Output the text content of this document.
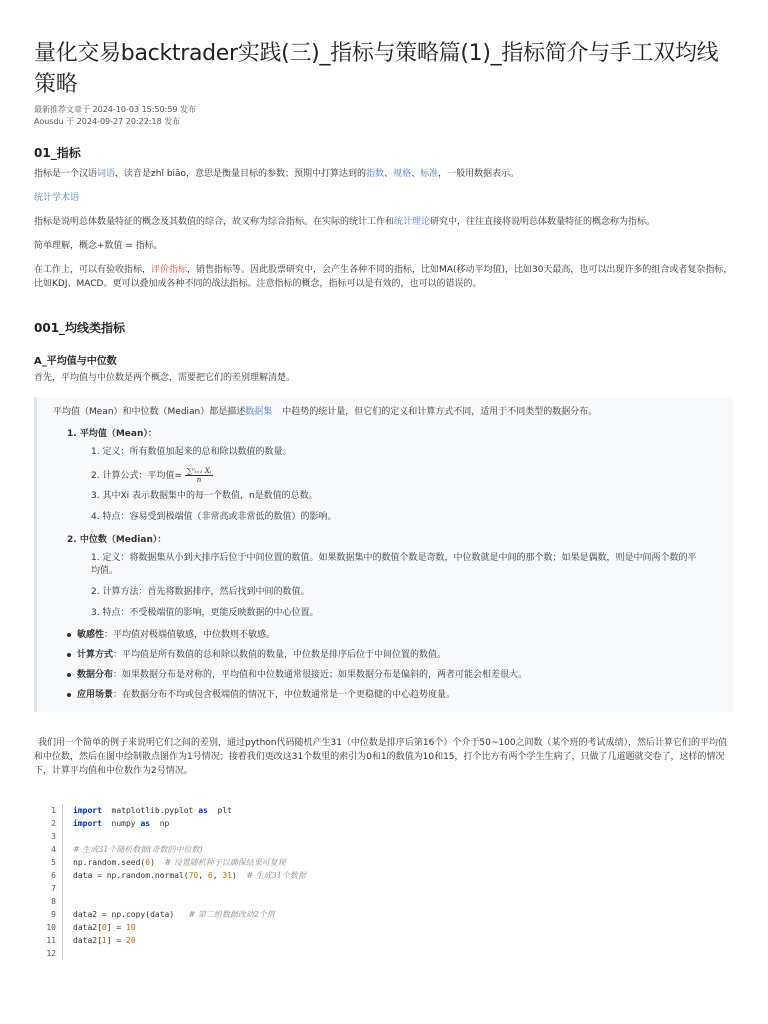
量化交易backtrader实践(三)_指标与策略篇(1)_指标简介与手工双均线策略
最新推荐文章于 2024-10-03 15:50:59 发布
Aousdu 于 2024-09-27 20:22:18 发布
01_指标

指标是一个汉语词语，读音是zhǐ biāo，意思是衡量目标的参数；预期中打算达到的指数、规格、标准，一般用数据表示。

统计学术语

指标是说明总体数量特征的概念及其数值的综合，故又称为综合指标。在实际的统计工作和统计理论研究中，往往直接将说明总体数量特征的概念称为指标。

简单理解，概念+数值 = 指标。

在工作上，可以有验收指标，评价指标，销售指标等。因此股票研究中，会产生各种不同的指标，比如MA(移动平均值)，比如30天最高，也可以出现许多的组合或者复杂指标，比如KDJ、MACD。更可以叠加成各种不同的战法指标。注意指标的概念，指标可以是有效的，也可以的错误的。

001_均线类指标
A_平均值与中位数

首先，平均值与中位数是两个概念，需要把它们的差别理解清楚。

平均值（Mean）和中位数（Median）都是描述数据集 中趋势的统计量，但它们的定义和计算方式不同，适用于不同类型的数据分布。
1. 平均值（Mean）：
1. 定义：所有数值加起来的总和除以数值的数量。
2. 计算公式：平均值= $\frac{\text{∑ⁿᵢ₌₁ Xᵢ}}{n}$
3. 其中Xi 表示数据集中的每一个数值，n是数值的总数。
4. 特点：容易受到极端值（非常高或非常低的数值）的影响。
2. 中位数（Median）：
1. 定义：将数据集从小到大排序后位于中间位置的数值。如果数据集中的数值个数是奇数，中位数就是中间的那个数；如果是偶数，则是中间两个数的平均值。
2. 计算方法：首先将数据排序，然后找到中间的数值。
3. 特点：不受极端值的影响，更能反映数据的中心位置。
敏感性：平均值对极端值敏感，中位数则不敏感。
计算方式：平均值是所有数值的总和除以数值的数量，中位数是排序后位于中间位置的数值。
数据分布：如果数据分布是对称的，平均值和中位数通常很接近；如果数据分布是偏斜的，两者可能会相差很大。
应用场景：在数据分布不均或包含极端值的情况下，中位数通常是一个更稳健的中心趋势度量。

我们用一个简单的例子来说明它们之间的差别，通过python代码随机产生31（中位数是排序后第16个）个介于50~100之间数（某个班的考试成绩），然后计算它们的平均值和中位数，然后在图中绘制散点图作为1号情况；接着我们更改这31个数里的索引为0和1的数值为10和15，打个比方有两个学生生病了，只做了几道题就交卷了，这样的情况下，计算平均值和中位数作为2号情况。

1	import  matplotlib.pyplot as  plt
2	import  numpy as  np
3
4	# 生成31个随机数据(奇数的中位数)
5	np.random.seed(0)  # 设置随机种子以确保结果可复现
6	data = np.random.normal(70, 6, 31)  # 生成31个数据
7
8
9	data2 = np.copy(data)   # 第二组数据改动2个值
10	data2[0] = 10
11	data2[1] = 20
12
